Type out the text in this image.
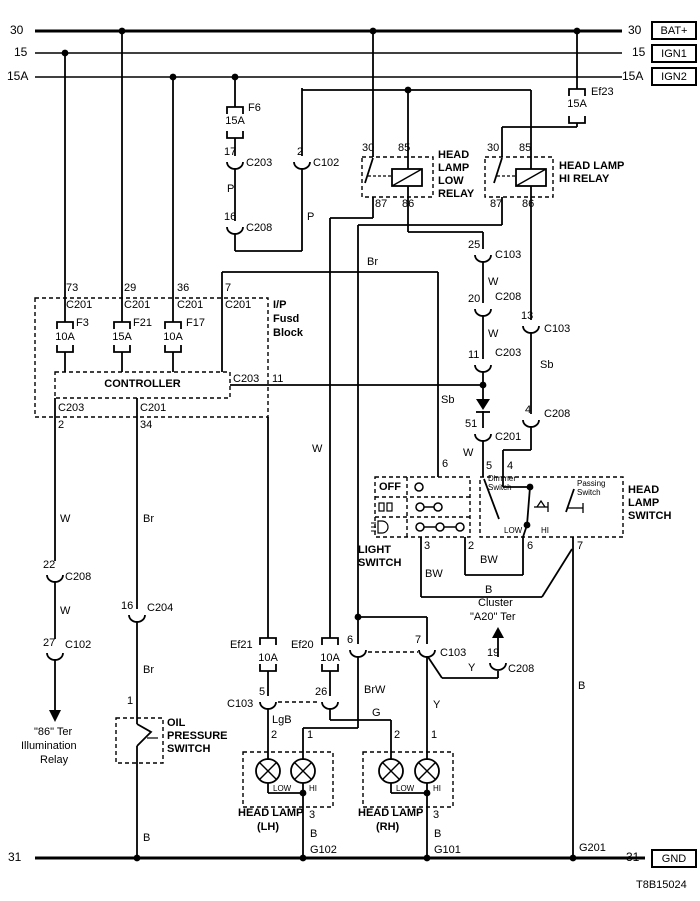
30
15
15A
30
15
15A
BAT+
IGN1
IGN2
31	31	GND
F6
15A
Ef23
15A
F3
10A
F21
15A
F17
10A
Ef21
10A
Ef20
10A
17
C203
16
C208
2
C102
25
C103
20 C208
11 C203
51
C201
13
C103
4 C208
19
C208
22
C208
27 C102
16 C204
5
C103
26
6	7
C103
73
C201
29
C201
36
C201
7
C201
C203
2
C201
34
CONTROLLER	C203 11
I/P
Fusd
Block
30 85
87 86
HEAD
LAMP
LOW
RELAY
30 85
87 86
HEAD LAMP
HI RELAY
P
P
Br
W
Sb
W
W
W
Sb
Br
W
W
Br
BrW
G
Y
Y
LgB
BW
BW
B
B
B	B
B
6	5 4
3	2	6	7
OFF
LIGHT
SWITCH
HEAD
LAMP
SWITCH
Dimmer
Switch	Passing
Switch
LOW HI
1
OIL
PRESSURE
SWITCH
2	1	2	1
LOW HI	LOW HI
HEAD LAMP
(LH)
HEAD LAMP
(RH)
3	3
G102	G101
"86" Ter
Illumination
Relay
Cluster
"A20" Ter
G201
T8B15024
